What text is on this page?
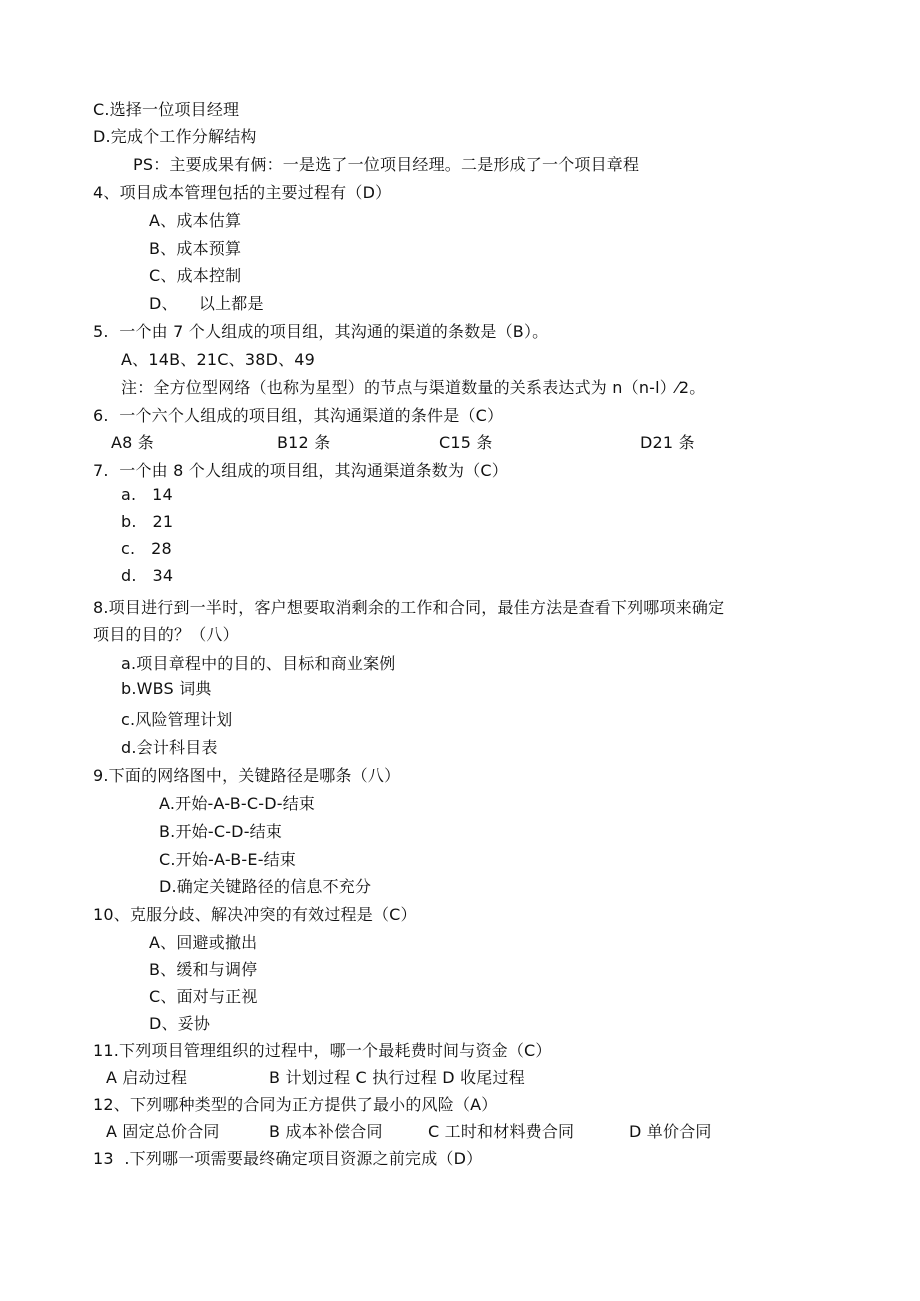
C.选择一位项目经理
D.完成个工作分解结构
PS：主要成果有俩：一是选了一位项目经理。二是形成了一个项目章程
4、项目成本管理包括的主要过程有（D）
A、成本估算
B、成本预算
C、成本控制
D、    以上都是
5.  一个由 7 个人组成的项目组，其沟通的渠道的条数是（B）。
A、14B、21C、38D、49
注：全方位型网络（也称为星型）的节点与渠道数量的关系表达式为 n（n-l）⁄2。
6.  一个六个人组成的项目组，其沟通渠道的条件是（C）
A8 条	B12 条	C15 条	D21 条
7.  一个由 8 个人组成的项目组，其沟通渠道条数为（C）
a.   14
b.   21
c.   28
d.   34
8.项目进行到一半时，客户想要取消剩余的工作和合同，最佳方法是查看下列哪项来确定
项目的目的？（八）
a.项目章程中的目的、目标和商业案例
b.WBS 词典
c.风险管理计划
d.会计科目表
9.下面的网络图中，关键路径是哪条（八）
A.开始-A-B-C-D-结束
B.开始-C-D-结束
C.开始-A-B-E-结束
D.确定关键路径的信息不充分
10、克服分歧、解决冲突的有效过程是（C）
A、回避或撤出
B、缓和与调停
C、面对与正视
D、妥协
11.下列项目管理组织的过程中，哪一个最耗费时间与资金（C）
A 启动过程	B 计划过程 C 执行过程 D 收尾过程
12、下列哪种类型的合同为正方提供了最小的风险（A）
A 固定总价合同	B 成本补偿合同	C 工时和材料费合同	D 单价合同
13  .下列哪一项需要最终确定项目资源之前完成（D）
